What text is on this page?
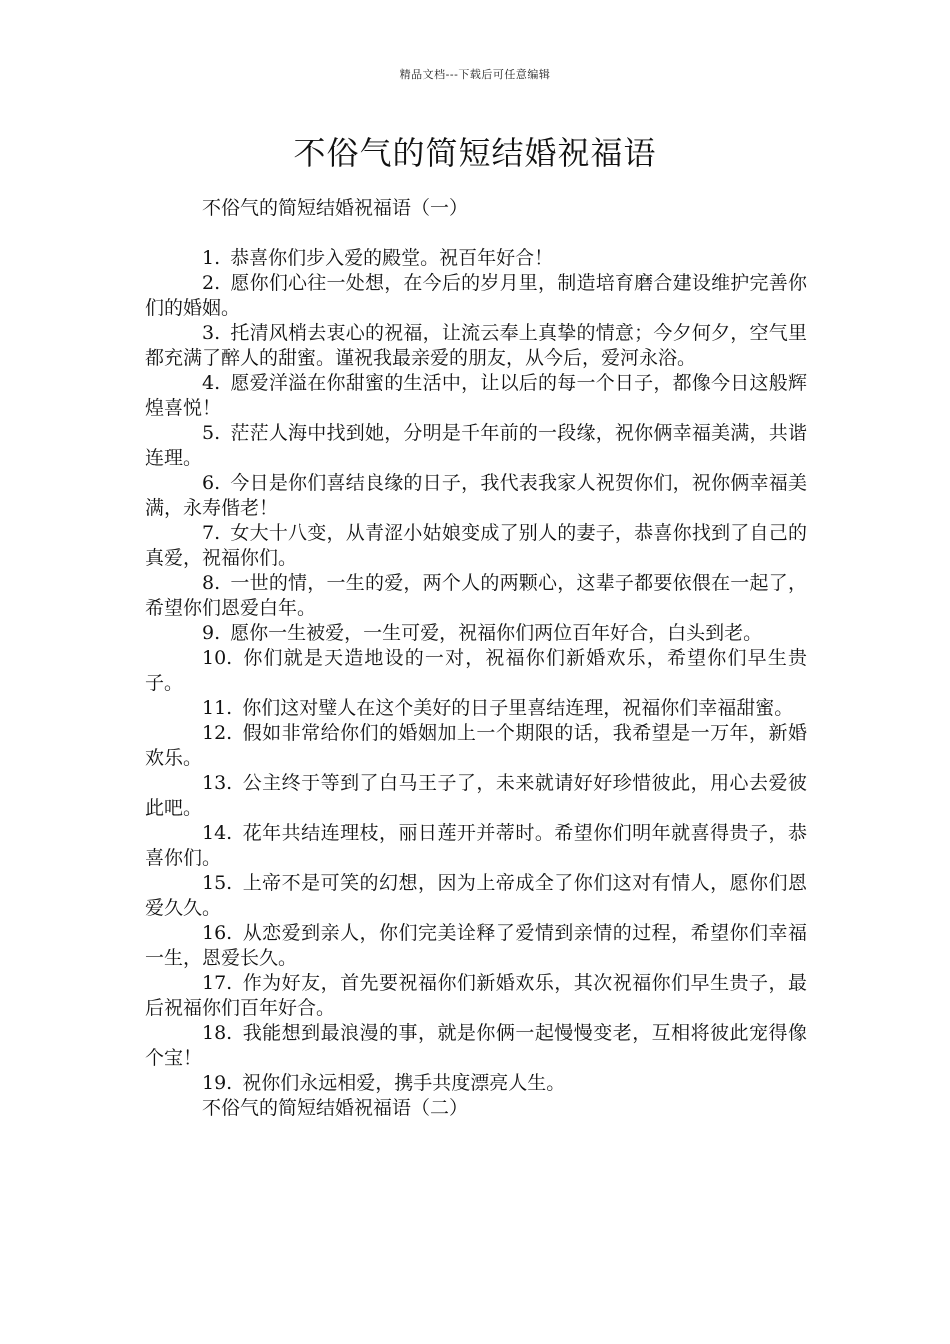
精品文档---下载后可任意编辑
不俗气的简短结婚祝福语

不俗气的简短结婚祝福语（一）

1. 恭喜你们步入爱的殿堂。祝百年好合！

2. 愿你们心往一处想，在今后的岁月里，制造培育磨合建设维护完善你们的婚姻。

3. 托清风梢去衷心的祝福，让流云奉上真挚的情意；今夕何夕，空气里都充满了醉人的甜蜜。谨祝我最亲爱的朋友，从今后，爱河永浴。

4. 愿爱洋溢在你甜蜜的生活中，让以后的每一个日子，都像今日这般辉煌喜悦！

5. 茫茫人海中找到她，分明是千年前的一段缘，祝你俩幸福美满，共谐连理。

6. 今日是你们喜结良缘的日子，我代表我家人祝贺你们，祝你俩幸福美满，永寿偕老！

7. 女大十八变，从青涩小姑娘变成了别人的妻子，恭喜你找到了自己的真爱，祝福你们。

8. 一世的情，一生的爱，两个人的两颗心，这辈子都要依偎在一起了，希望你们恩爱白年。

9. 愿你一生被爱，一生可爱，祝福你们两位百年好合，白头到老。

10. 你们就是天造地设的一对，祝福你们新婚欢乐，希望你们早生贵子。

11. 你们这对璧人在这个美好的日子里喜结连理，祝福你们幸福甜蜜。

12. 假如非常给你们的婚姻加上一个期限的话，我希望是一万年，新婚欢乐。

13. 公主终于等到了白马王子了，未来就请好好珍惜彼此，用心去爱彼此吧。

14. 花年共结连理枝，丽日莲开并蒂时。希望你们明年就喜得贵子，恭喜你们。

15. 上帝不是可笑的幻想，因为上帝成全了你们这对有情人，愿你们恩爱久久。

16. 从恋爱到亲人，你们完美诠释了爱情到亲情的过程，希望你们幸福一生，恩爱长久。

17. 作为好友，首先要祝福你们新婚欢乐，其次祝福你们早生贵子，最后祝福你们百年好合。

18. 我能想到最浪漫的事，就是你俩一起慢慢变老，互相将彼此宠得像个宝！

19. 祝你们永远相爱，携手共度漂亮人生。

不俗气的简短结婚祝福语（二）
